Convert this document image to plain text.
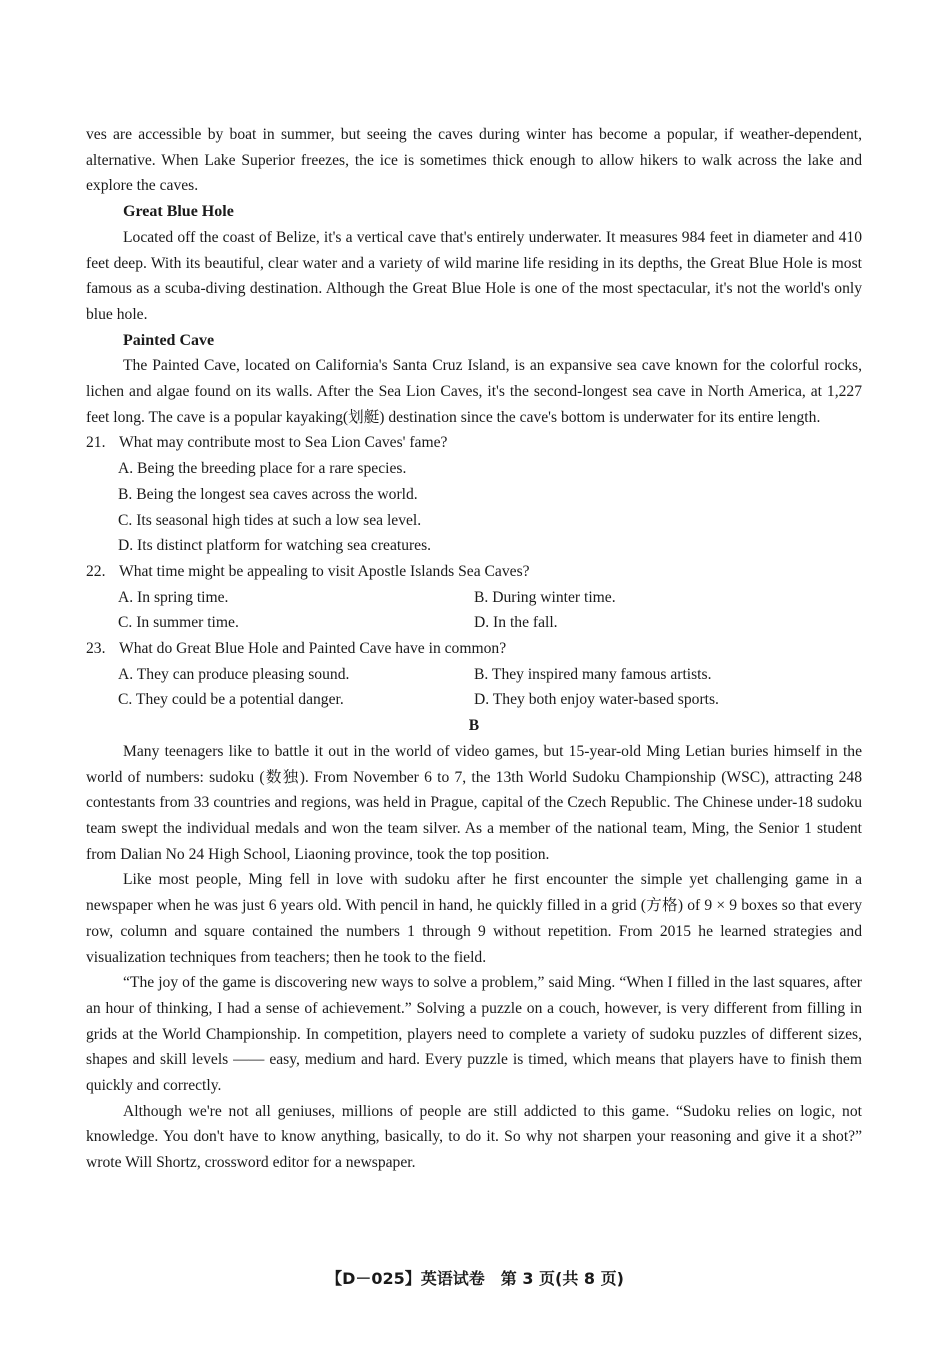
ves are accessible by boat in summer, but seeing the caves during winter has become a popular, if weather-dependent, alternative. When Lake Superior freezes, the ice is sometimes thick enough to allow hikers to walk across the lake and explore the caves.

Great Blue Hole

Located off the coast of Belize, it's a vertical cave that's entirely underwater. It measures 984 feet in diameter and 410 feet deep. With its beautiful, clear water and a variety of wild marine life residing in its depths, the Great Blue Hole is most famous as a scuba-diving destination. Although the Great Blue Hole is one of the most spectacular, it's not the world's only blue hole.

Painted Cave

The Painted Cave, located on California's Santa Cruz Island, is an expansive sea cave known for the colorful rocks, lichen and algae found on its walls. After the Sea Lion Caves, it's the second-longest sea cave in North America, at 1,227 feet long. The cave is a popular kayaking(划艇) destination since the cave's bottom is underwater for its entire length.

21. What may contribute most to Sea Lion Caves' fame?
A. Being the breeding place for a rare species.
B. Being the longest sea caves across the world.
C. Its seasonal high tides at such a low sea level.
D. Its distinct platform for watching sea creatures.
22. What time might be appealing to visit Apostle Islands Sea Caves?
A. In spring time.	B. During winter time.
C. In summer time.	D. In the fall.
23. What do Great Blue Hole and Painted Cave have in common?
A. They can produce pleasing sound.	B. They inspired many famous artists.
C. They could be a potential danger.	D. They both enjoy water-based sports.
B

Many teenagers like to battle it out in the world of video games, but 15-year-old Ming Letian buries himself in the world of numbers: sudoku (数独). From November 6 to 7, the 13th World Sudoku Championship (WSC), attracting 248 contestants from 33 countries and regions, was held in Prague, capital of the Czech Republic. The Chinese under-18 sudoku team swept the individual medals and won the team silver. As a member of the national team, Ming, the Senior 1 student from Dalian No 24 High School, Liaoning province, took the top position.

Like most people, Ming fell in love with sudoku after he first encounter the simple yet challenging game in a newspaper when he was just 6 years old. With pencil in hand, he quickly filled in a grid (方格) of 9 × 9 boxes so that every row, column and square contained the numbers 1 through 9 without repetition. From 2015 he learned strategies and visualization techniques from teachers; then he took to the field.

“The joy of the game is discovering new ways to solve a problem,” said Ming. “When I filled in the last squares, after an hour of thinking, I had a sense of achievement.” Solving a puzzle on a couch, however, is very different from filling in grids at the World Championship. In competition, players need to complete a variety of sudoku puzzles of different sizes, shapes and skill levels —— easy, medium and hard. Every puzzle is timed, which means that players have to finish them quickly and correctly.

Although we're not all geniuses, millions of people are still addicted to this game. “Sudoku relies on logic, not knowledge. You don't have to know anything, basically, to do it. So why not sharpen your reasoning and give it a shot?” wrote Will Shortz, crossword editor for a newspaper.

【D－025】英语试卷　第 3 页(共 8 页)
